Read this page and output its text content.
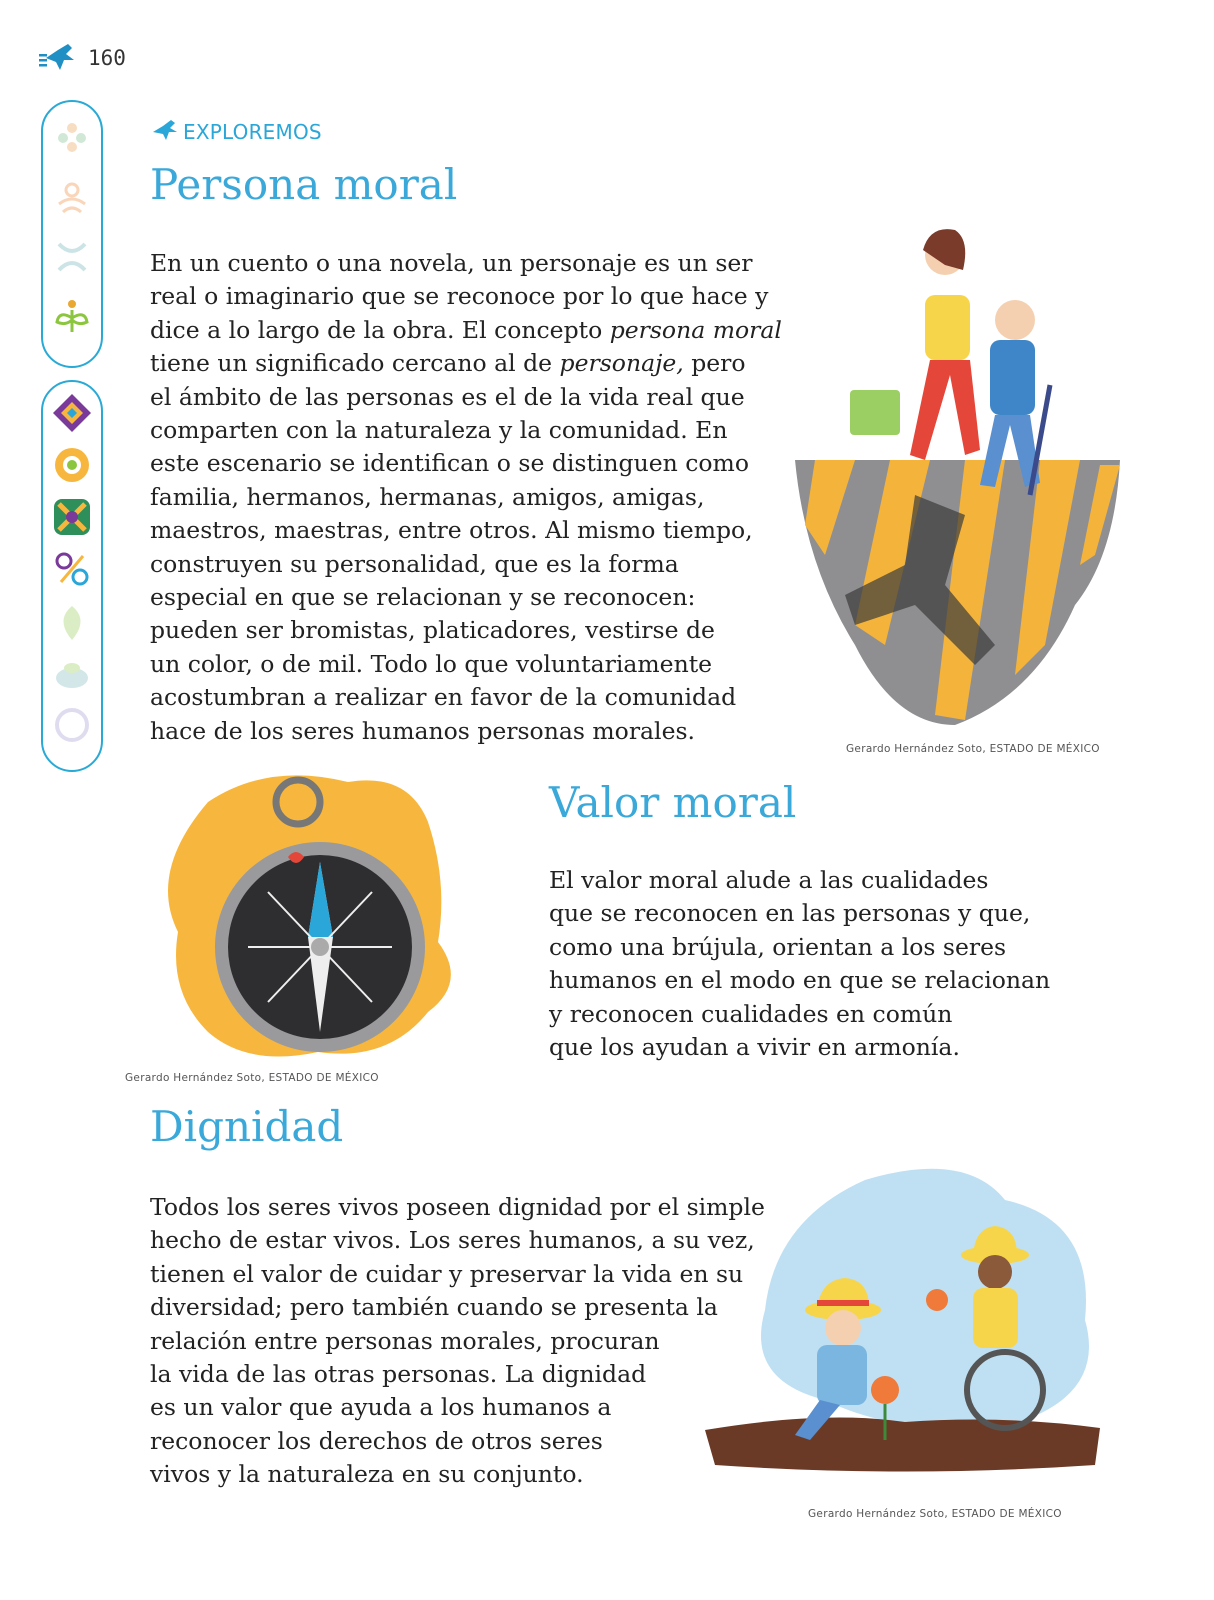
160
EXPLOREMOS
Persona moral
En un cuento o una novela, un personaje es un ser
real o imaginario que se reconoce por lo que hace y
dice a lo largo de la obra. El concepto persona moral
tiene un significado cercano al de personaje, pero
el ámbito de las personas es el de la vida real que
comparten con la naturaleza y la comunidad. En
este escenario se identifican o se distinguen como
familia, hermanos, hermanas, amigos, amigas,
maestros, maestras, entre otros. Al mismo tiempo,
construyen su personalidad, que es la forma
especial en que se relacionan y se reconocen:
pueden ser bromistas, platicadores, vestirse de
un color, o de mil. Todo lo que voluntariamente
acostumbran a realizar en favor de la comunidad
hace de los seres humanos personas morales.
Gerardo Hernández Soto, ESTADO DE MÉXICO
Gerardo Hernández Soto, ESTADO DE MÉXICO
Valor moral
El valor moral alude a las cualidades
que se reconocen en las personas y que,
como una brújula, orientan a los seres
humanos en el modo en que se relacionan
y reconocen cualidades en común
que los ayudan a vivir en armonía.
Dignidad
Todos los seres vivos poseen dignidad por el simple
hecho de estar vivos. Los seres humanos, a su vez,
tienen el valor de cuidar y preservar la vida en su
diversidad; pero también cuando se presenta la
relación entre personas morales, procuran
la vida de las otras personas. La dignidad
es un valor que ayuda a los humanos a
reconocer los derechos de otros seres
vivos y la naturaleza en su conjunto.
Gerardo Hernández Soto, ESTADO DE MÉXICO
